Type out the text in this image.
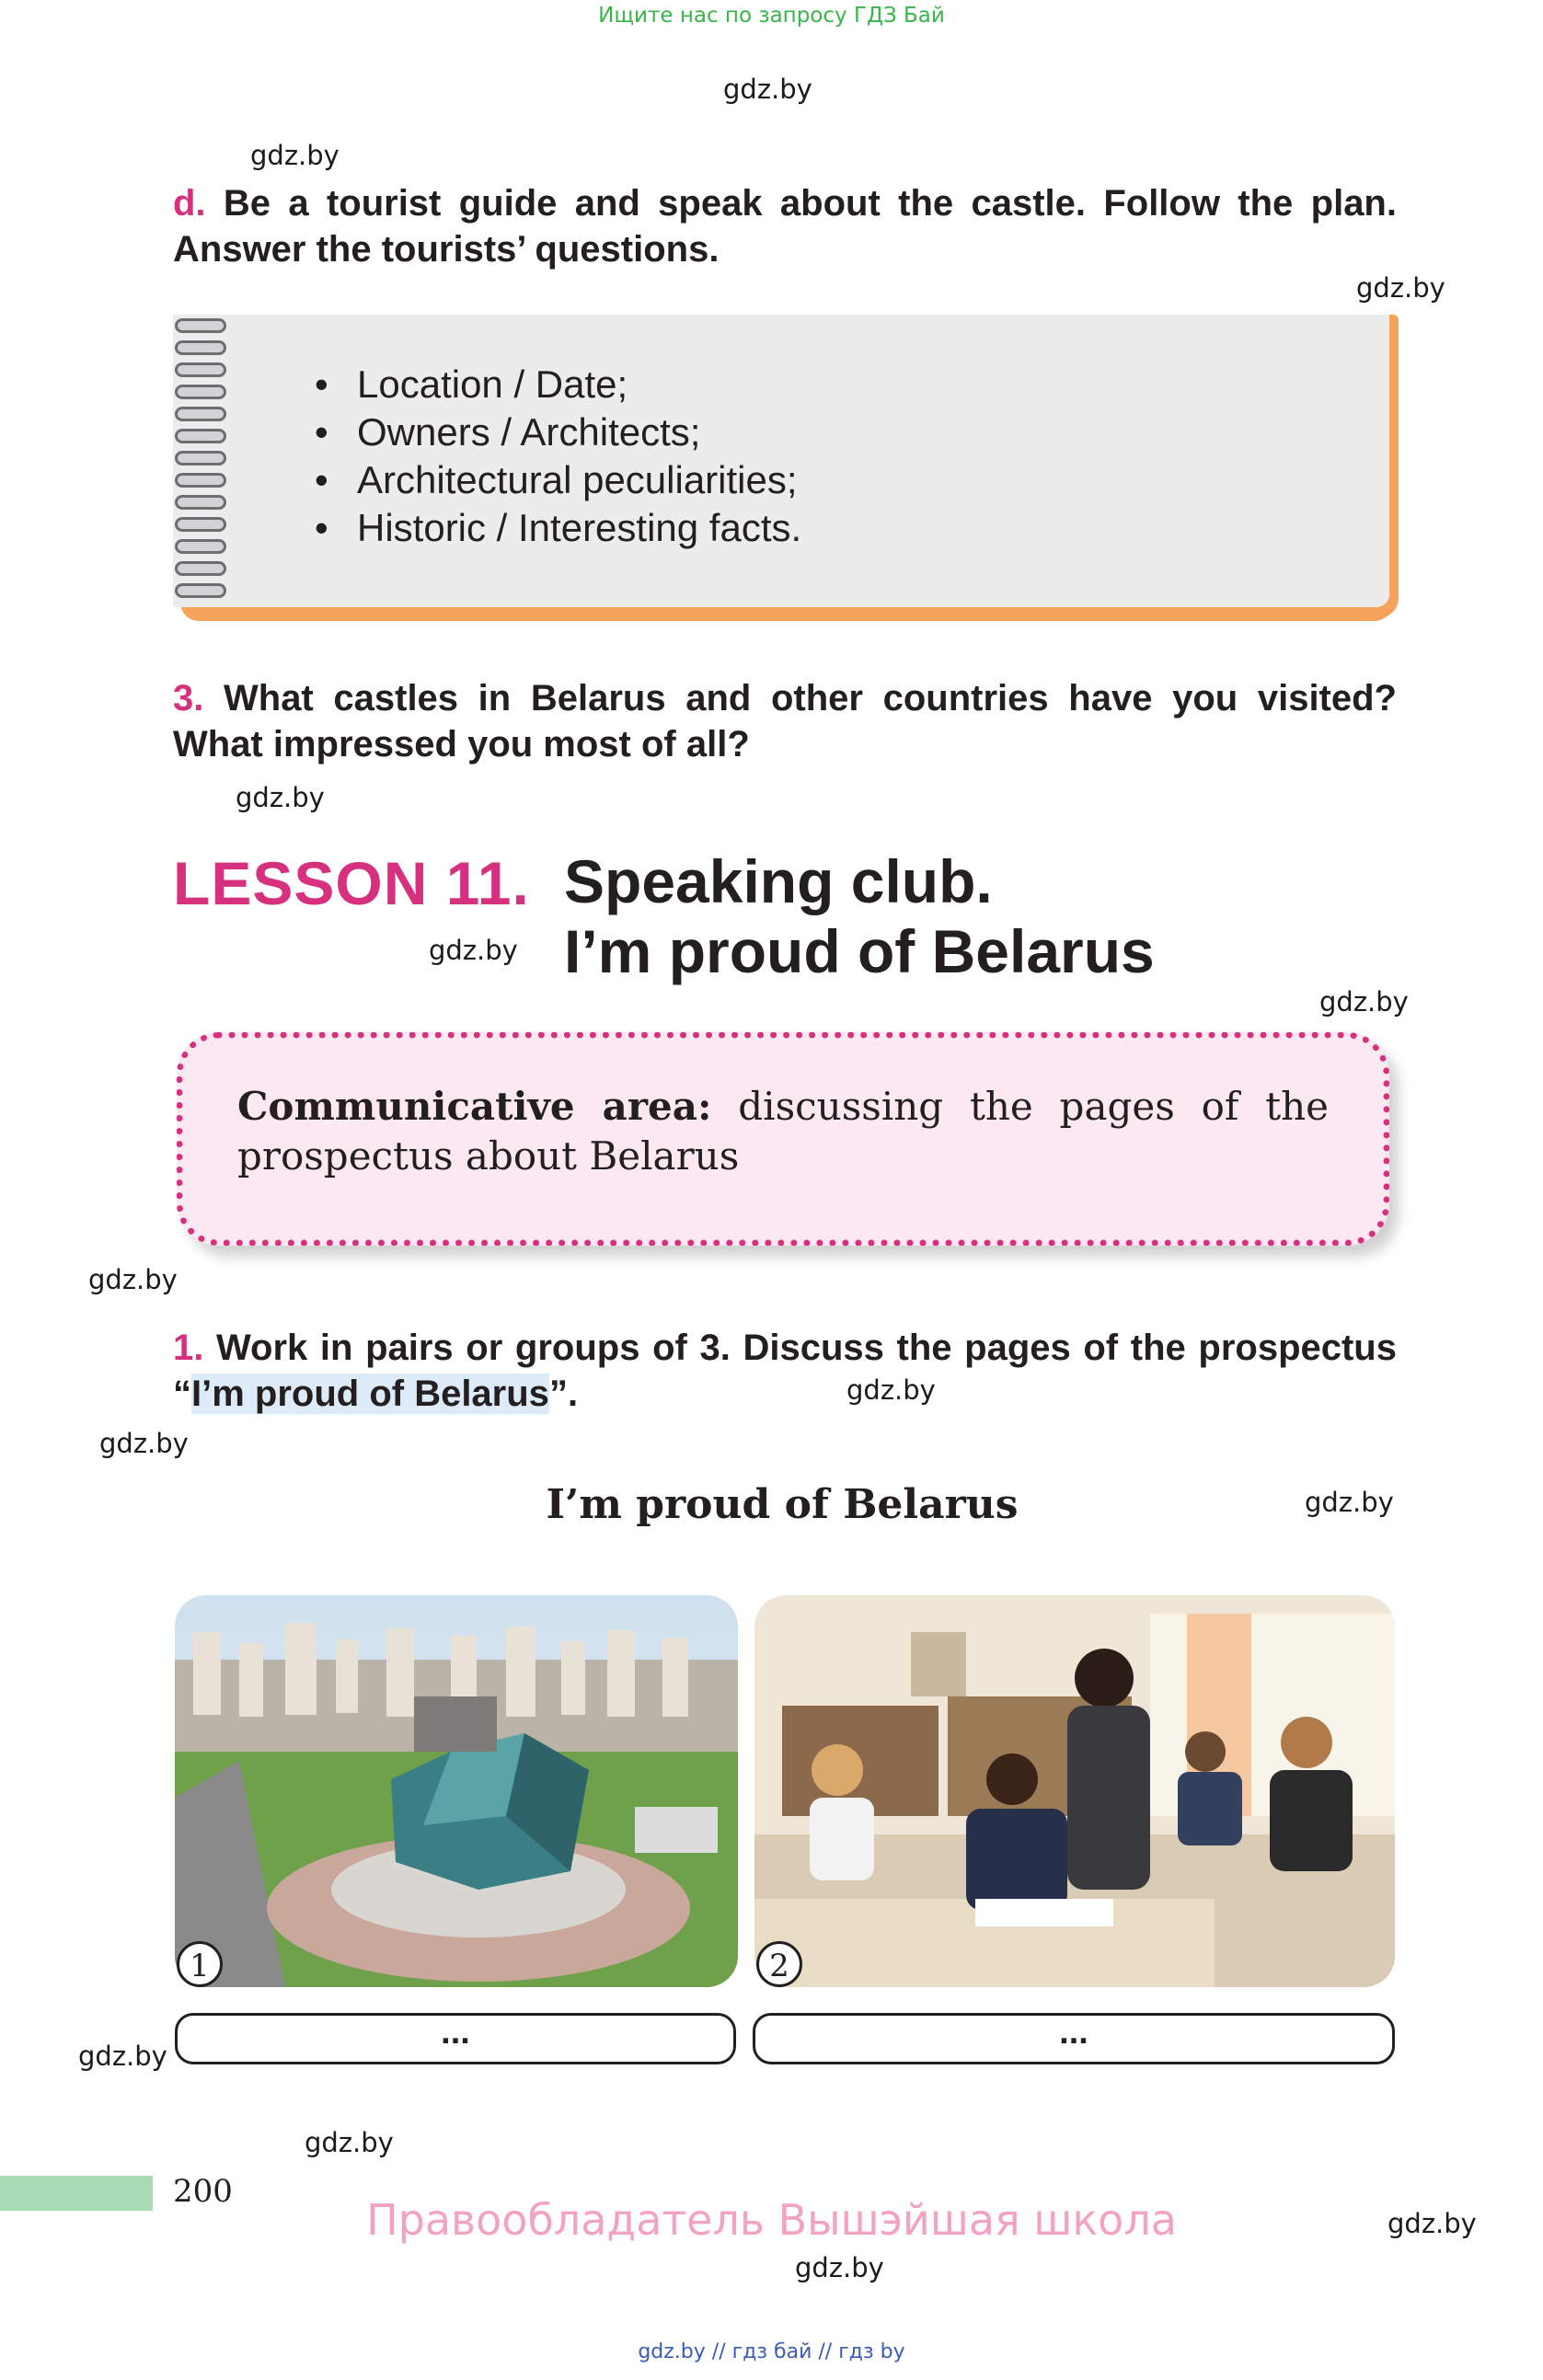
Ищите нас по запросу ГДЗ Бай
gdz.by
gdz.by
gdz.by
gdz.by
gdz.by
gdz.by
gdz.by
gdz.by
gdz.by
gdz.by
gdz.by
gdz.by
gdz.by
gdz.by
d. Be a tourist guide and speak about the castle. Follow the plan. Answer the tourists’ questions.
• Location / Date;
• Owners / Architects;
• Architectural peculiarities;
• Historic / Interesting facts.
3. What castles in Belarus and other countries have you visited? What impressed you most of all?
LESSON 11. Speaking club.
I’m proud of Belarus
Communicative area: discussing the pages of the prospectus about Belarus
1. Work in pairs or groups of 3. Discuss the pages of the prospectus “I’m proud of Belarus”.
I’m proud of Belarus
1	2
...	...
200
Правообладатель Вышэйшая школа
gdz.by // гдз бай // гдз by
